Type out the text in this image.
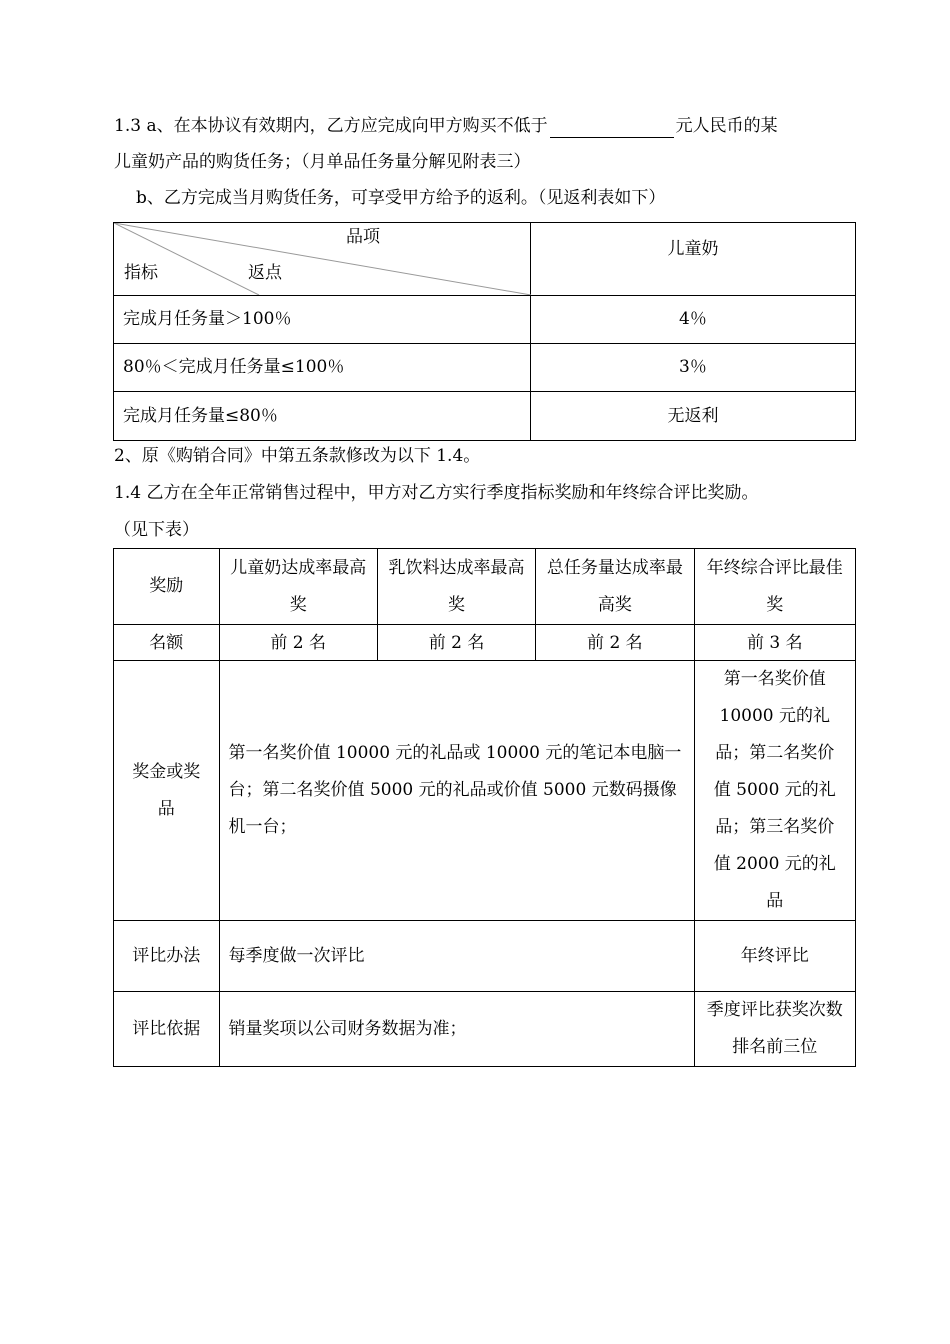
1.3 a、在本协议有效期内，乙方应完成向甲方购买不低于	元人民币的某
儿童奶产品的购货任务；（月单品任务量分解见附表三）
b、乙方完成当月购货任务，可享受甲方给予的返利。（见返利表如下）
品项
指标 返点	儿童奶
完成月任务量＞100％	4％
80％＜完成月任务量≤100％	3％
完成月任务量≤80％	无返利
2、原《购销合同》中第五条款修改为以下 1.4。
1.4 乙方在全年正常销售过程中，甲方对乙方实行季度指标奖励和年终综合评比奖励。
（见下表）
奖励	儿童奶达成率最高奖	乳饮料达成率最高奖	总任务量达成率最高奖	年终综合评比最佳奖
名额	前 2 名	前 2 名	前 2 名	前 3 名
奖金或奖品	第一名奖价值 10000 元的礼品或 10000 元的笔记本电脑一台；第二名奖价值 5000 元的礼品或价值 5000 元数码摄像机一台；			第一名奖价值10000 元的礼品；第二名奖价值 5000 元的礼品；第三名奖价值 2000 元的礼品
评比办法	每季度做一次评比			年终评比
评比依据	销量奖项以公司财务数据为准；			季度评比获奖次数排名前三位
